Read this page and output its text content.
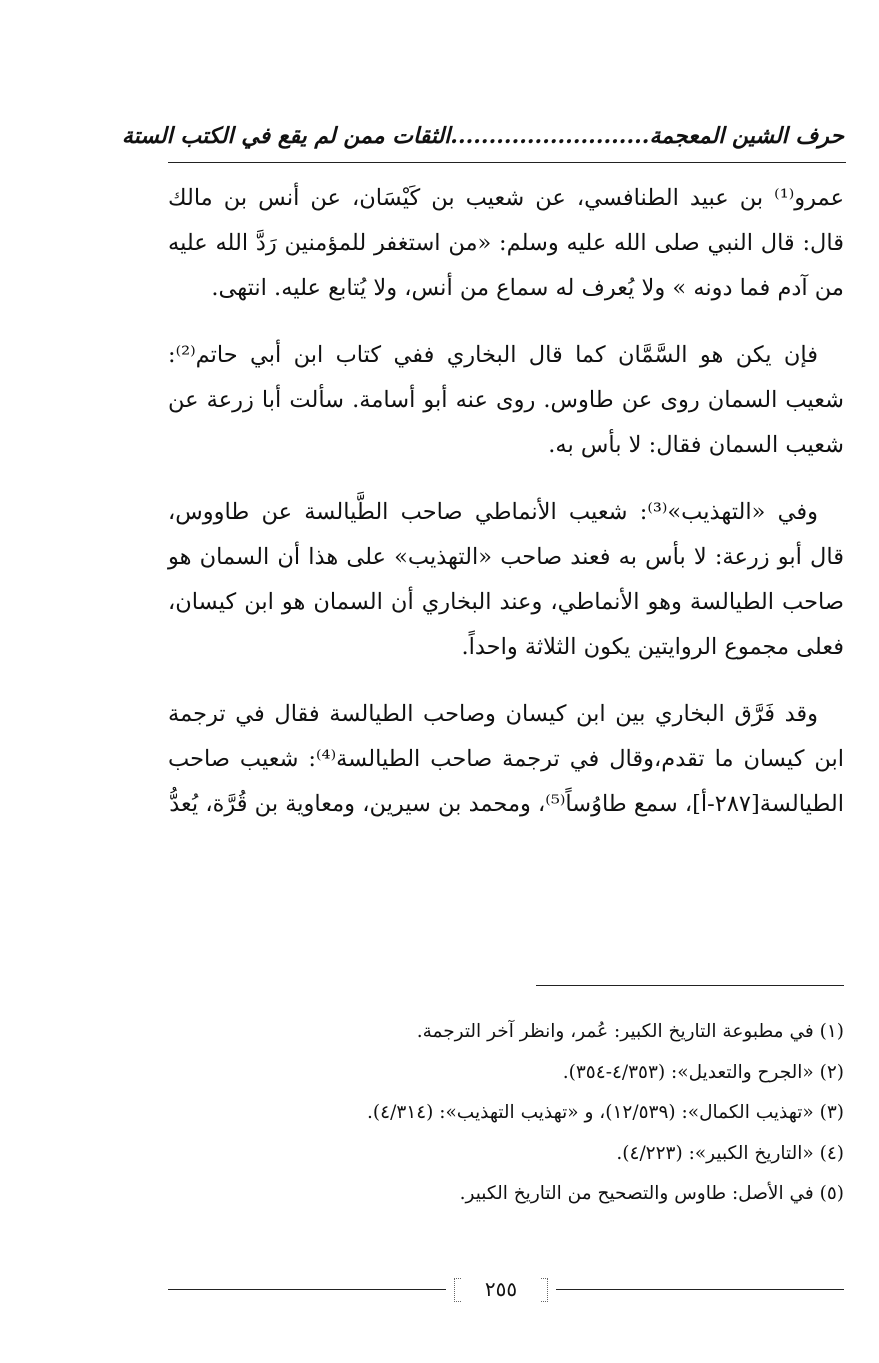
حرف الشين المعجمة..........................الثقات ممن لم يقع في الكتب الستة

عمرو⁽¹⁾ بن عبيد الطنافسي، عن شعيب بن كَيْسَان، عن أنس بن مالك قال: قال النبي صلى الله عليه وسلم: «من استغفر للمؤمنين رَدَّ الله عليه من آدم فما دونه » ولا يُعرف له سماع من أنس، ولا يُتابع عليه. انتهى.

فإن يكن هو السَّمَّان كما قال البخاري ففي كتاب ابن أبي حاتم⁽²⁾: شعيب السمان روى عن طاوس. روى عنه أبو أسامة. سألت أبا زرعة عن شعيب السمان فقال: لا بأس به.

وفي «التهذيب»⁽³⁾: شعيب الأنماطي صاحب الطَّيالسة عن طاووس، قال أبو زرعة: لا بأس به فعند صاحب «التهذيب» على هذا أن السمان هو صاحب الطيالسة وهو الأنماطي، وعند البخاري أن السمان هو ابن كيسان، فعلى مجموع الروايتين يكون الثلاثة واحداً.

وقد فَرَّق البخاري بين ابن كيسان وصاحب الطيالسة فقال في ترجمة ابن كيسان ما تقدم،وقال في ترجمة صاحب الطيالسة⁽⁴⁾: شعيب صاحب الطيالسة[٢٨٧-أ]، سمع طاوُساً⁽⁵⁾، ومحمد بن سيرين، ومعاوية بن قُرَّة، يُعدُّ

(١) في مطبوعة التاريخ الكبير: عُمر، وانظر آخر الترجمة.
(٢) «الجرح والتعديل»: (٤/٣٥٣-٣٥٤).
(٣) «تهذيب الكمال»: (١٢/٥٣٩)، و «تهذيب التهذيب»: (٤/٣١٤).
(٤) «التاريخ الكبير»: (٤/٢٢٣).
(٥) في الأصل: طاوس والتصحيح من التاريخ الكبير.
٢٥٥
